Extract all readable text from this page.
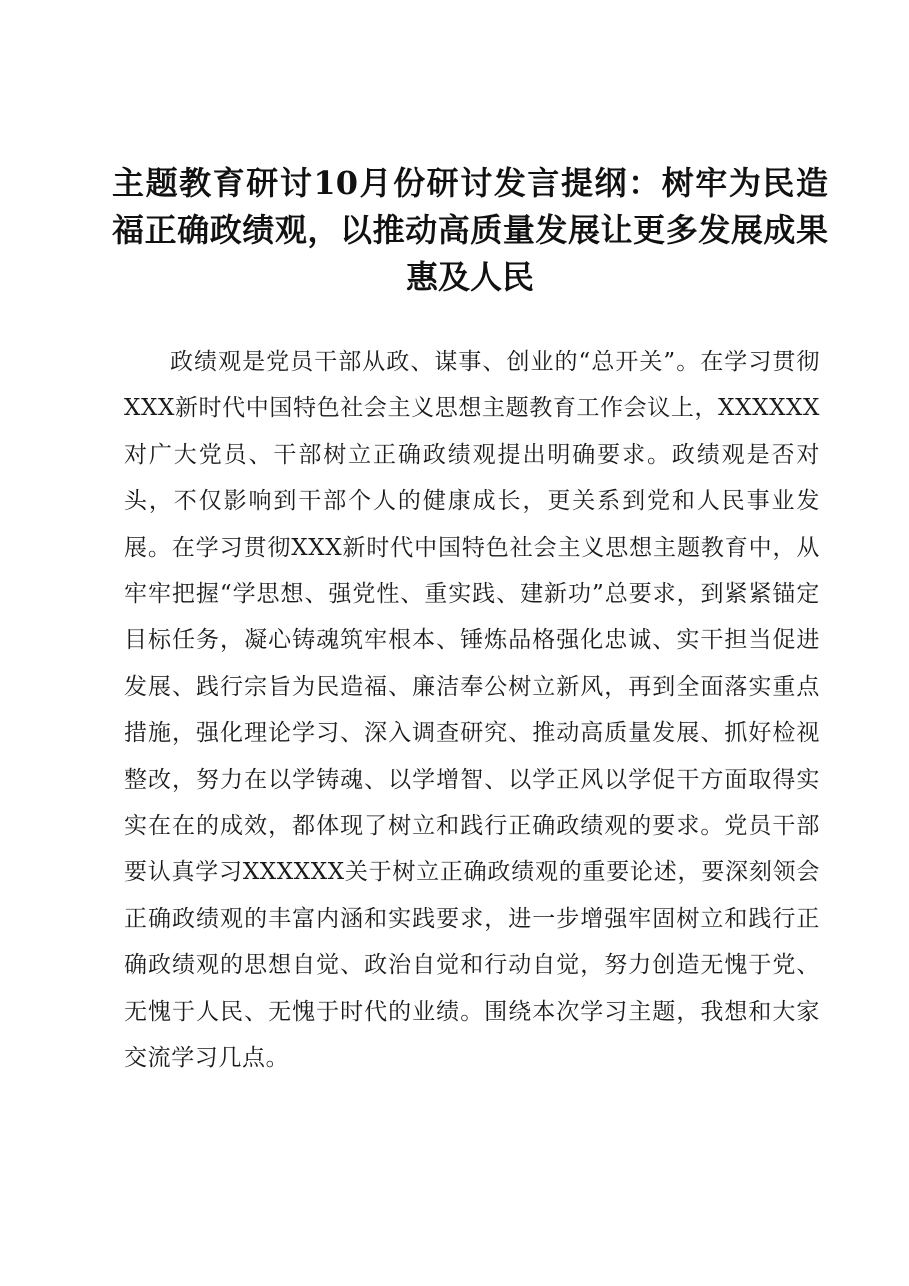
主题教育研讨10月份研讨发言提纲：树牢为民造福正确政绩观，以推动高质量发展让更多发展成果惠及人民

政绩观是党员干部从政、谋事、创业的“总开关”。在学习贯彻XXX新时代中国特色社会主义思想主题教育工作会议上，XXXXXX对广大党员、干部树立正确政绩观提出明确要求。政绩观是否对头，不仅影响到干部个人的健康成长，更关系到党和人民事业发展。在学习贯彻XXX新时代中国特色社会主义思想主题教育中，从牢牢把握“学思想、强党性、重实践、建新功”总要求，到紧紧锚定目标任务，凝心铸魂筑牢根本、锤炼品格强化忠诚、实干担当促进发展、践行宗旨为民造福、廉洁奉公树立新风，再到全面落实重点措施，强化理论学习、深入调查研究、推动高质量发展、抓好检视整改，努力在以学铸魂、以学增智、以学正风以学促干方面取得实实在在的成效，都体现了树立和践行正确政绩观的要求。党员干部要认真学习XXXXXX关于树立正确政绩观的重要论述，要深刻领会正确政绩观的丰富内涵和实践要求，进一步增强牢固树立和践行正确政绩观的思想自觉、政治自觉和行动自觉，努力创造无愧于党、无愧于人民、无愧于时代的业绩。围绕本次学习主题，我想和大家交流学习几点。
